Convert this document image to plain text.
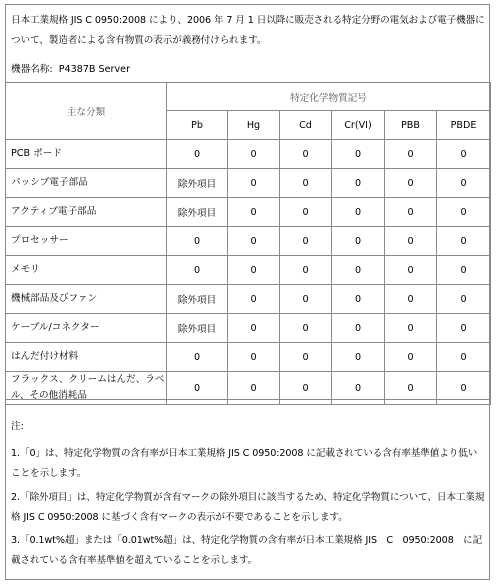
日本工業規格 JIS C 0950:2008 により、2006 年 7 月 1 日以降に販売される特定分野の電気および電子機器について、製造者による含有物質の表示が義務付けられます。
機器名称: P4387B Server
主な分類	特定化学物質記号					
	Pb	Hg	Cd	Cr(VI)	PBB	PBDE
PCB ボード	0	0	0	0	0	0
パッシブ電子部品	除外項目	0	0	0	0	0
アクティブ電子部品	除外項目	0	0	0	0	0
プロセッサー	0	0	0	0	0	0
メモリ	0	0	0	0	0	0
機械部品及びファン	除外項目	0	0	0	0	0
ケーブル/コネクター	除外項目	0	0	0	0	0
はんだ付け材料	0	0	0	0	0	0
フラックス、クリームはんだ、ラベル、その他消耗品	0	0	0	0	0	0
注:
1.「0」は、特定化学物質の含有率が日本工業規格 JIS C 0950:2008 に記載されている含有率基準値より低いことを示します。
2.「除外項目」は、特定化学物質が含有マークの除外項目に該当するため、特定化学物質について、日本工業規格 JIS C 0950:2008 に基づく含有マークの表示が不要であることを示します。
3.「0.1wt%超」または「0.01wt%超」は、特定化学物質の含有率が日本工業規格 JIS　C　0950:2008　に記載されている含有率基準値を超えていることを示します。
